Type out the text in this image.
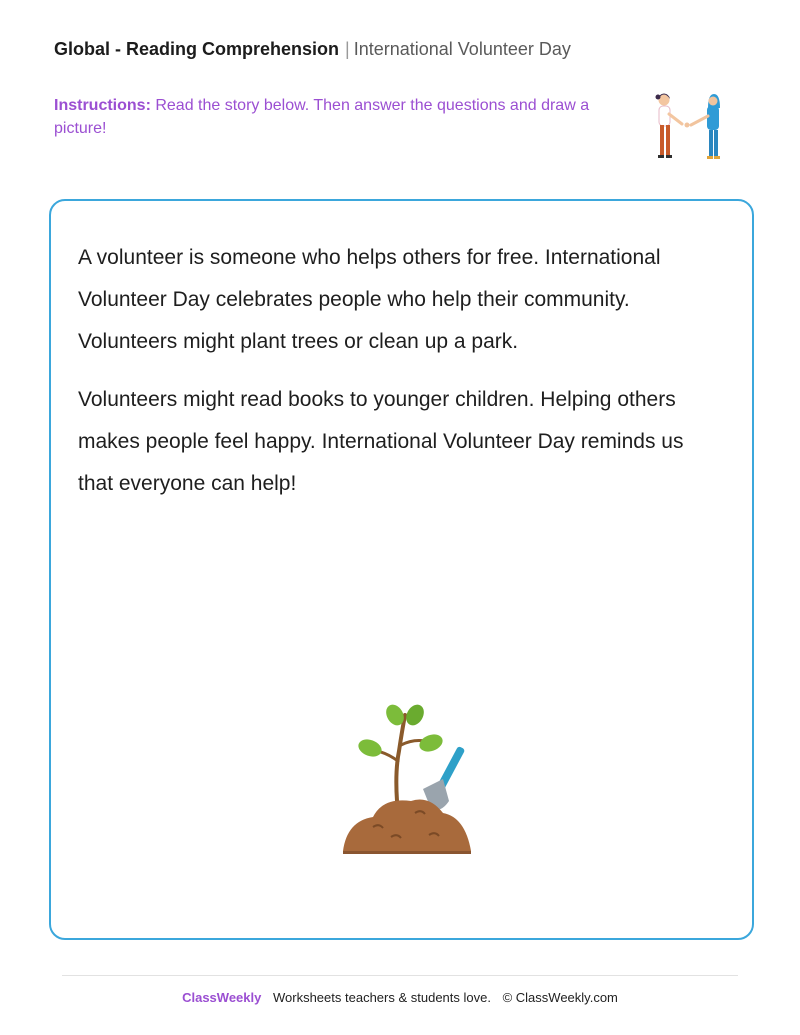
Global - Reading Comprehension | International Volunteer Day
Instructions: Read the story below. Then answer the questions and draw a picture!

A volunteer is someone who helps others for free. International Volunteer Day celebrates people who help their community. Volunteers might plant trees or clean up a park.

Volunteers might read books to younger children. Helping others makes people feel happy. International Volunteer Day reminds us that everyone can help!

ClassWeekly Worksheets teachers & students love. © ClassWeekly.com
